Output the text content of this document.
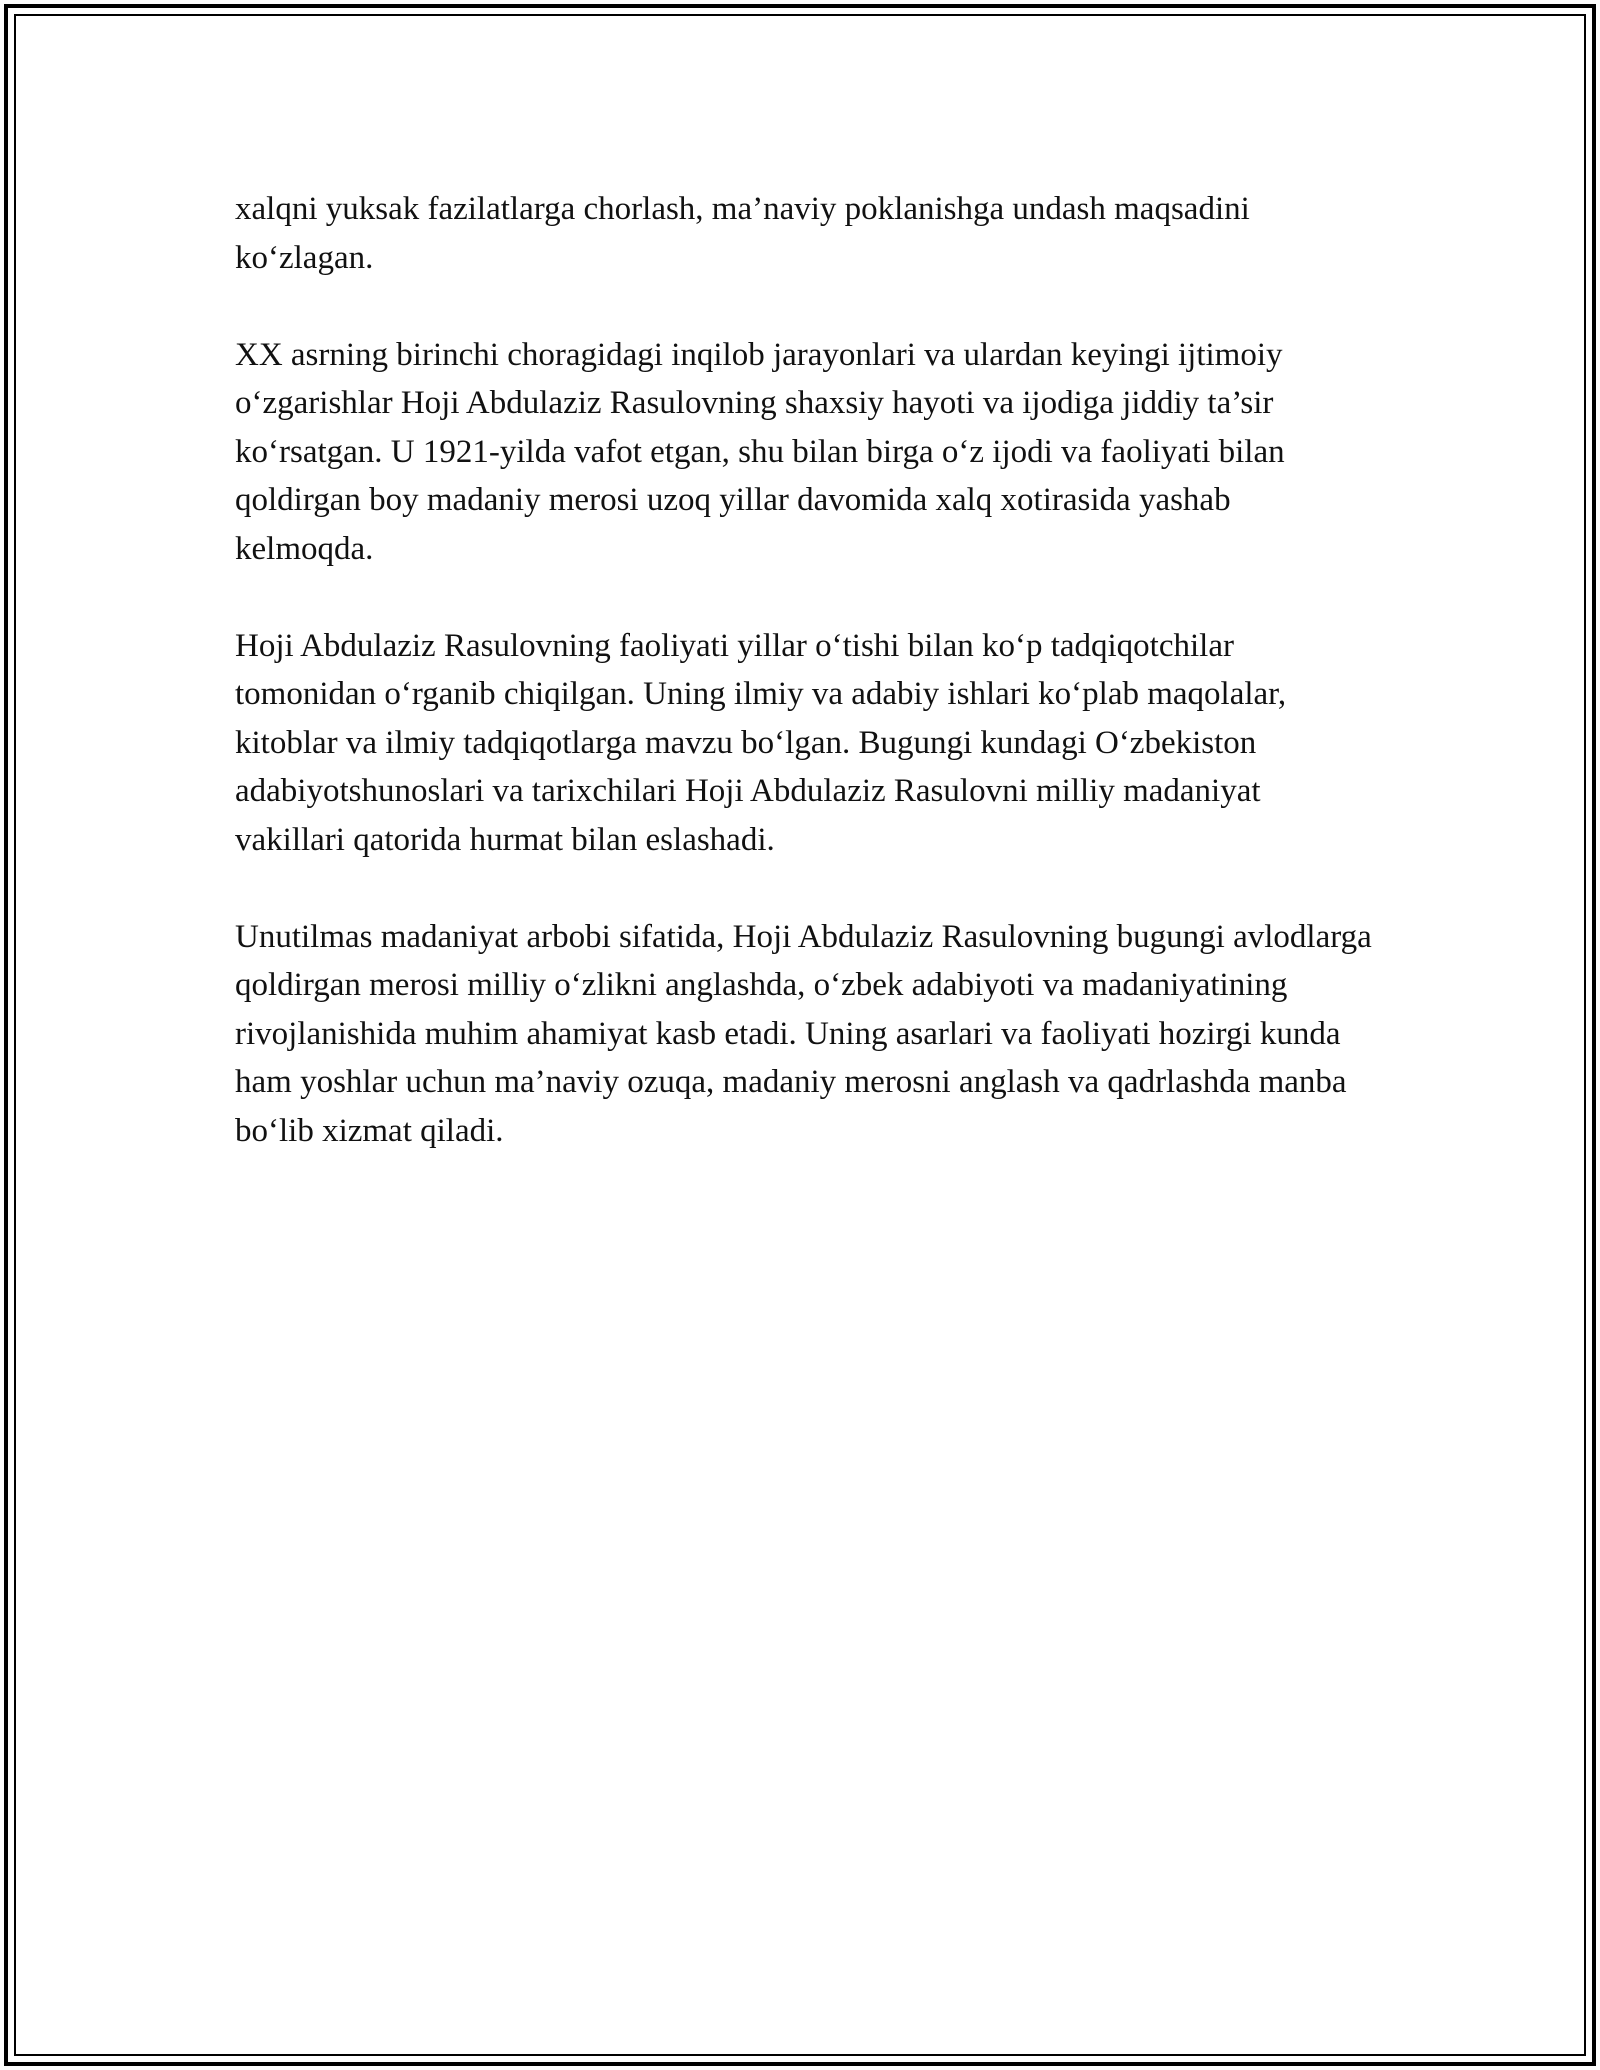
xalqni yuksak fazilatlarga chorlash, ma’naviy poklanishga undash maqsadini ko‘zlagan.

XX asrning birinchi choragidagi inqilob jarayonlari va ulardan keyingi ijtimoiy o‘zgarishlar Hoji Abdulaziz Rasulovning shaxsiy hayoti va ijodiga jiddiy ta’sir ko‘rsatgan. U 1921-yilda vafot etgan, shu bilan birga o‘z ijodi va faoliyati bilan qoldirgan boy madaniy merosi uzoq yillar davomida xalq xotirasida yashab kelmoqda.

Hoji Abdulaziz Rasulovning faoliyati yillar o‘tishi bilan ko‘p tadqiqotchilar tomonidan o‘rganib chiqilgan. Uning ilmiy va adabiy ishlari ko‘plab maqolalar, kitoblar va ilmiy tadqiqotlarga mavzu bo‘lgan. Bugungi kundagi O‘zbekiston adabiyotshunoslari va tarixchilari Hoji Abdulaziz Rasulovni milliy madaniyat vakillari qatorida hurmat bilan eslashadi.

Unutilmas madaniyat arbobi sifatida, Hoji Abdulaziz Rasulovning bugungi avlodlarga qoldirgan merosi milliy o‘zlikni anglashda, o‘zbek adabiyoti va madaniyatining rivojlanishida muhim ahamiyat kasb etadi. Uning asarlari va faoliyati hozirgi kunda ham yoshlar uchun ma’naviy ozuqa, madaniy merosni anglash va qadrlashda manba bo‘lib xizmat qiladi.
